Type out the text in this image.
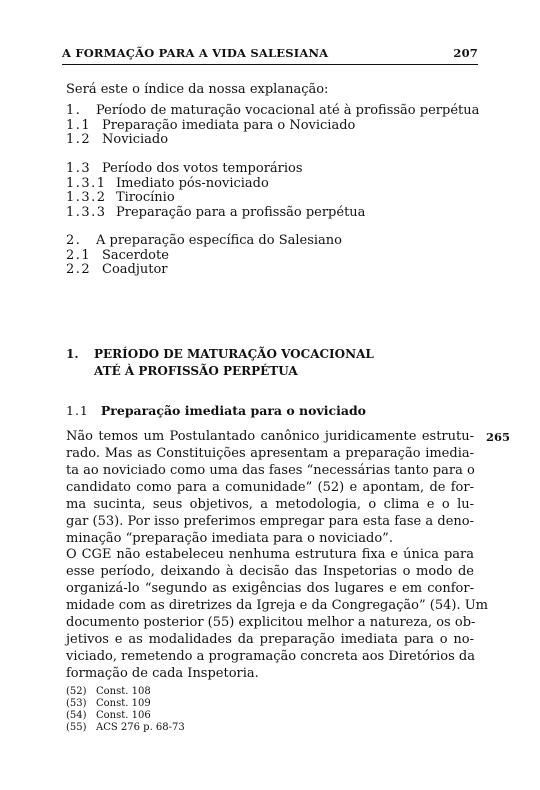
A FORMAÇÃO PARA A VIDA SALESIANA	207
Será este o índice da nossa explanação:
1. Período de maturação vocacional até à profissão perpétua
1.1 Preparação imediata para o Noviciado
1.2 Noviciado
1.3 Período dos votos temporários
1.3.1 Imediato pós-noviciado
1.3.2 Tirocínio
1.3.3 Preparação para a profissão perpétua
2. A preparação específica do Salesiano
2.1 Sacerdote
2.2 Coadjutor
1. PERÍODO DE MATURAÇÃO VOCACIONAL
ATÉ À PROFISSÃO PERPÉTUA
1.1 Preparação imediata para o noviciado
265
Não temos um Postulantado canônico juridicamente estrutu-
rado. Mas as Constituições apresentam a preparação imedia-
ta ao noviciado como uma das fases “necessárias tanto para o
candidato como para a comunidade” (52) e apontam, de for-
ma sucinta, seus objetivos, a metodologia, o clima e o lu-
gar (53). Por isso preferimos empregar para esta fase a deno-
minação “preparação imediata para o noviciado”.
O CGE não estabeleceu nenhuma estrutura fixa e única para
esse período, deixando à decisão das Inspetorias o modo de
organizá-lo “segundo as exigências dos lugares e em confor-
midade com as diretrizes da Igreja e da Congregação” (54). Um
documento posterior (55) explicitou melhor a natureza, os ob-
jetivos e as modalidades da preparação imediata para o no-
viciado, remetendo a programação concreta aos Diretórios da
formação de cada Inspetoria.
(52) Const. 108
(53) Const. 109
(54) Const. 106
(55) ACS 276 p. 68-73
